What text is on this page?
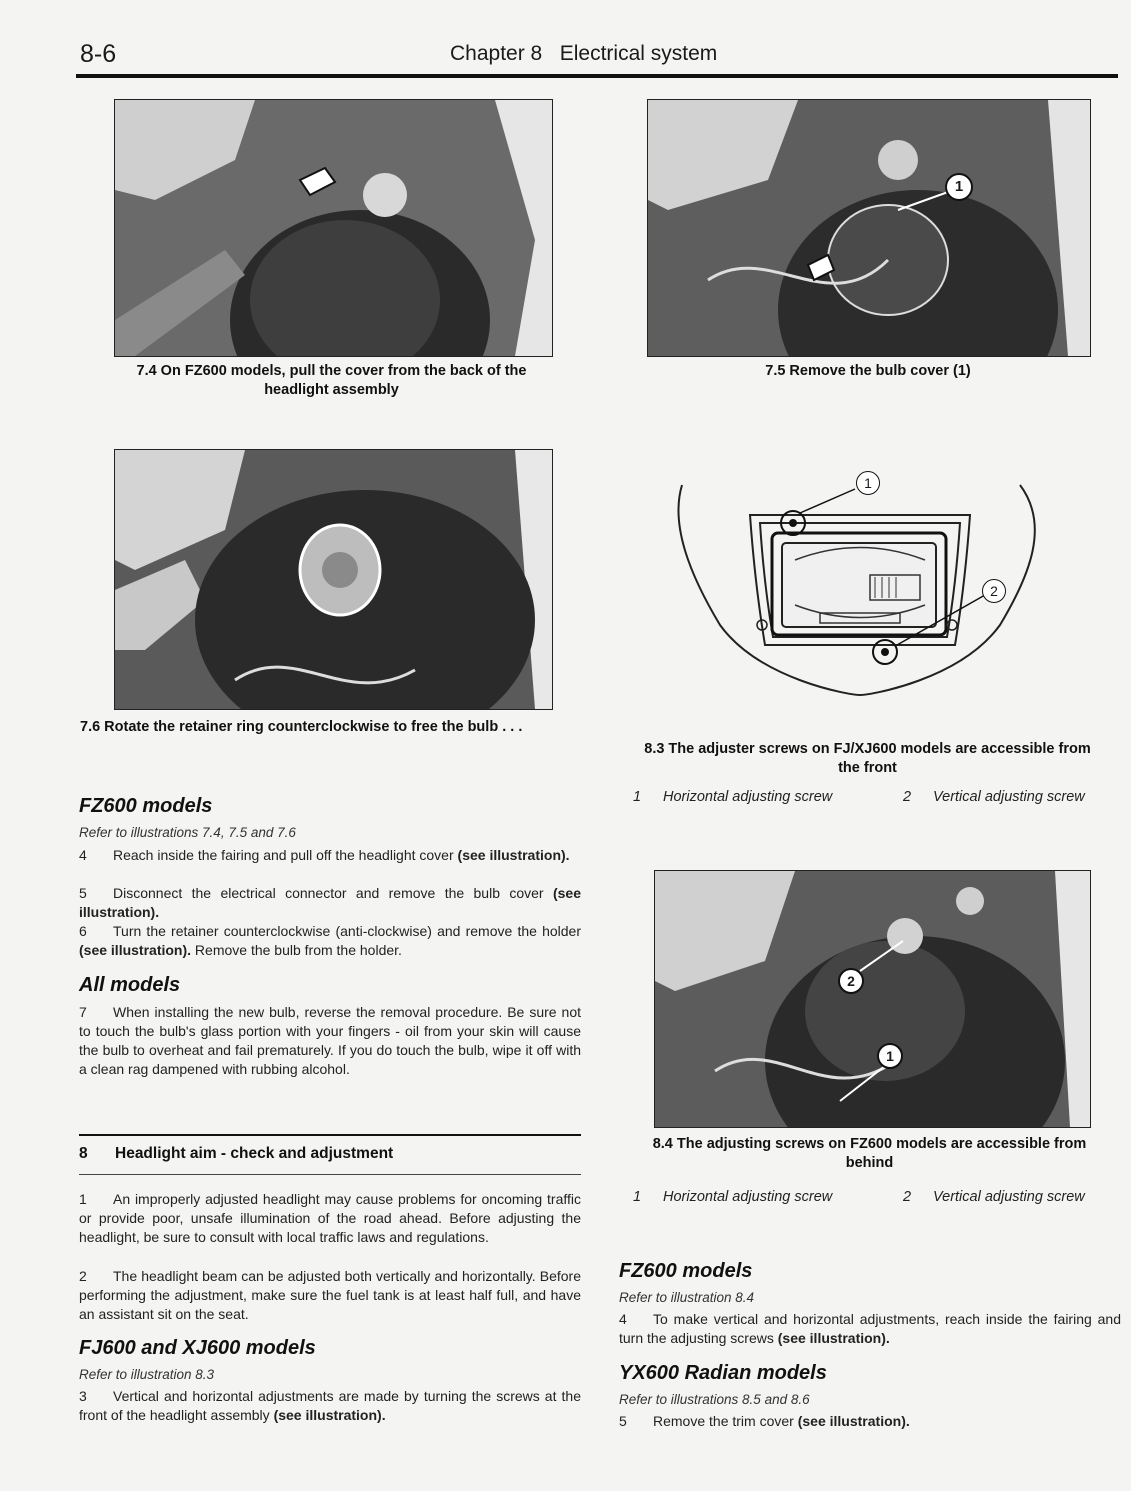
8-6	Chapter 8 Electrical system
7.4 On FZ600 models, pull the cover from the back of the headlight assembly
1
7.5 Remove the bulb cover (1)
7.6 Rotate the retainer ring counterclockwise to free the bulb . . .
1
2
8.3 The adjuster screws on FJ/XJ600 models are accessible from the front
1 Horizontal adjusting screw	2 Vertical adjusting screw
2
1
8.4 The adjusting screws on FZ600 models are accessible from behind
1 Horizontal adjusting screw	2 Vertical adjusting screw
FZ600 models
Refer to illustrations 7.4, 7.5 and 7.6
4 Reach inside the fairing and pull off the headlight cover (see illustration).
5 Disconnect the electrical connector and remove the bulb cover (see illustration).
6 Turn the retainer counterclockwise (anti-clockwise) and remove the holder (see illustration). Remove the bulb from the holder.
All models
7 When installing the new bulb, reverse the removal procedure. Be sure not to touch the bulb's glass portion with your fingers - oil from your skin will cause the bulb to overheat and fail prematurely. If you do touch the bulb, wipe it off with a clean rag dampened with rubbing alcohol.
8 Headlight aim - check and adjustment
1 An improperly adjusted headlight may cause problems for oncoming traffic or provide poor, unsafe illumination of the road ahead. Before adjusting the headlight, be sure to consult with local traffic laws and regulations.
2 The headlight beam can be adjusted both vertically and horizontally. Before performing the adjustment, make sure the fuel tank is at least half full, and have an assistant sit on the seat.
FJ600 and XJ600 models
Refer to illustration 8.3
3 Vertical and horizontal adjustments are made by turning the screws at the front of the headlight assembly (see illustration).
FZ600 models
Refer to illustration 8.4
4 To make vertical and horizontal adjustments, reach inside the fairing and turn the adjusting screws (see illustration).
YX600 Radian models
Refer to illustrations 8.5 and 8.6
5 Remove the trim cover (see illustration).
